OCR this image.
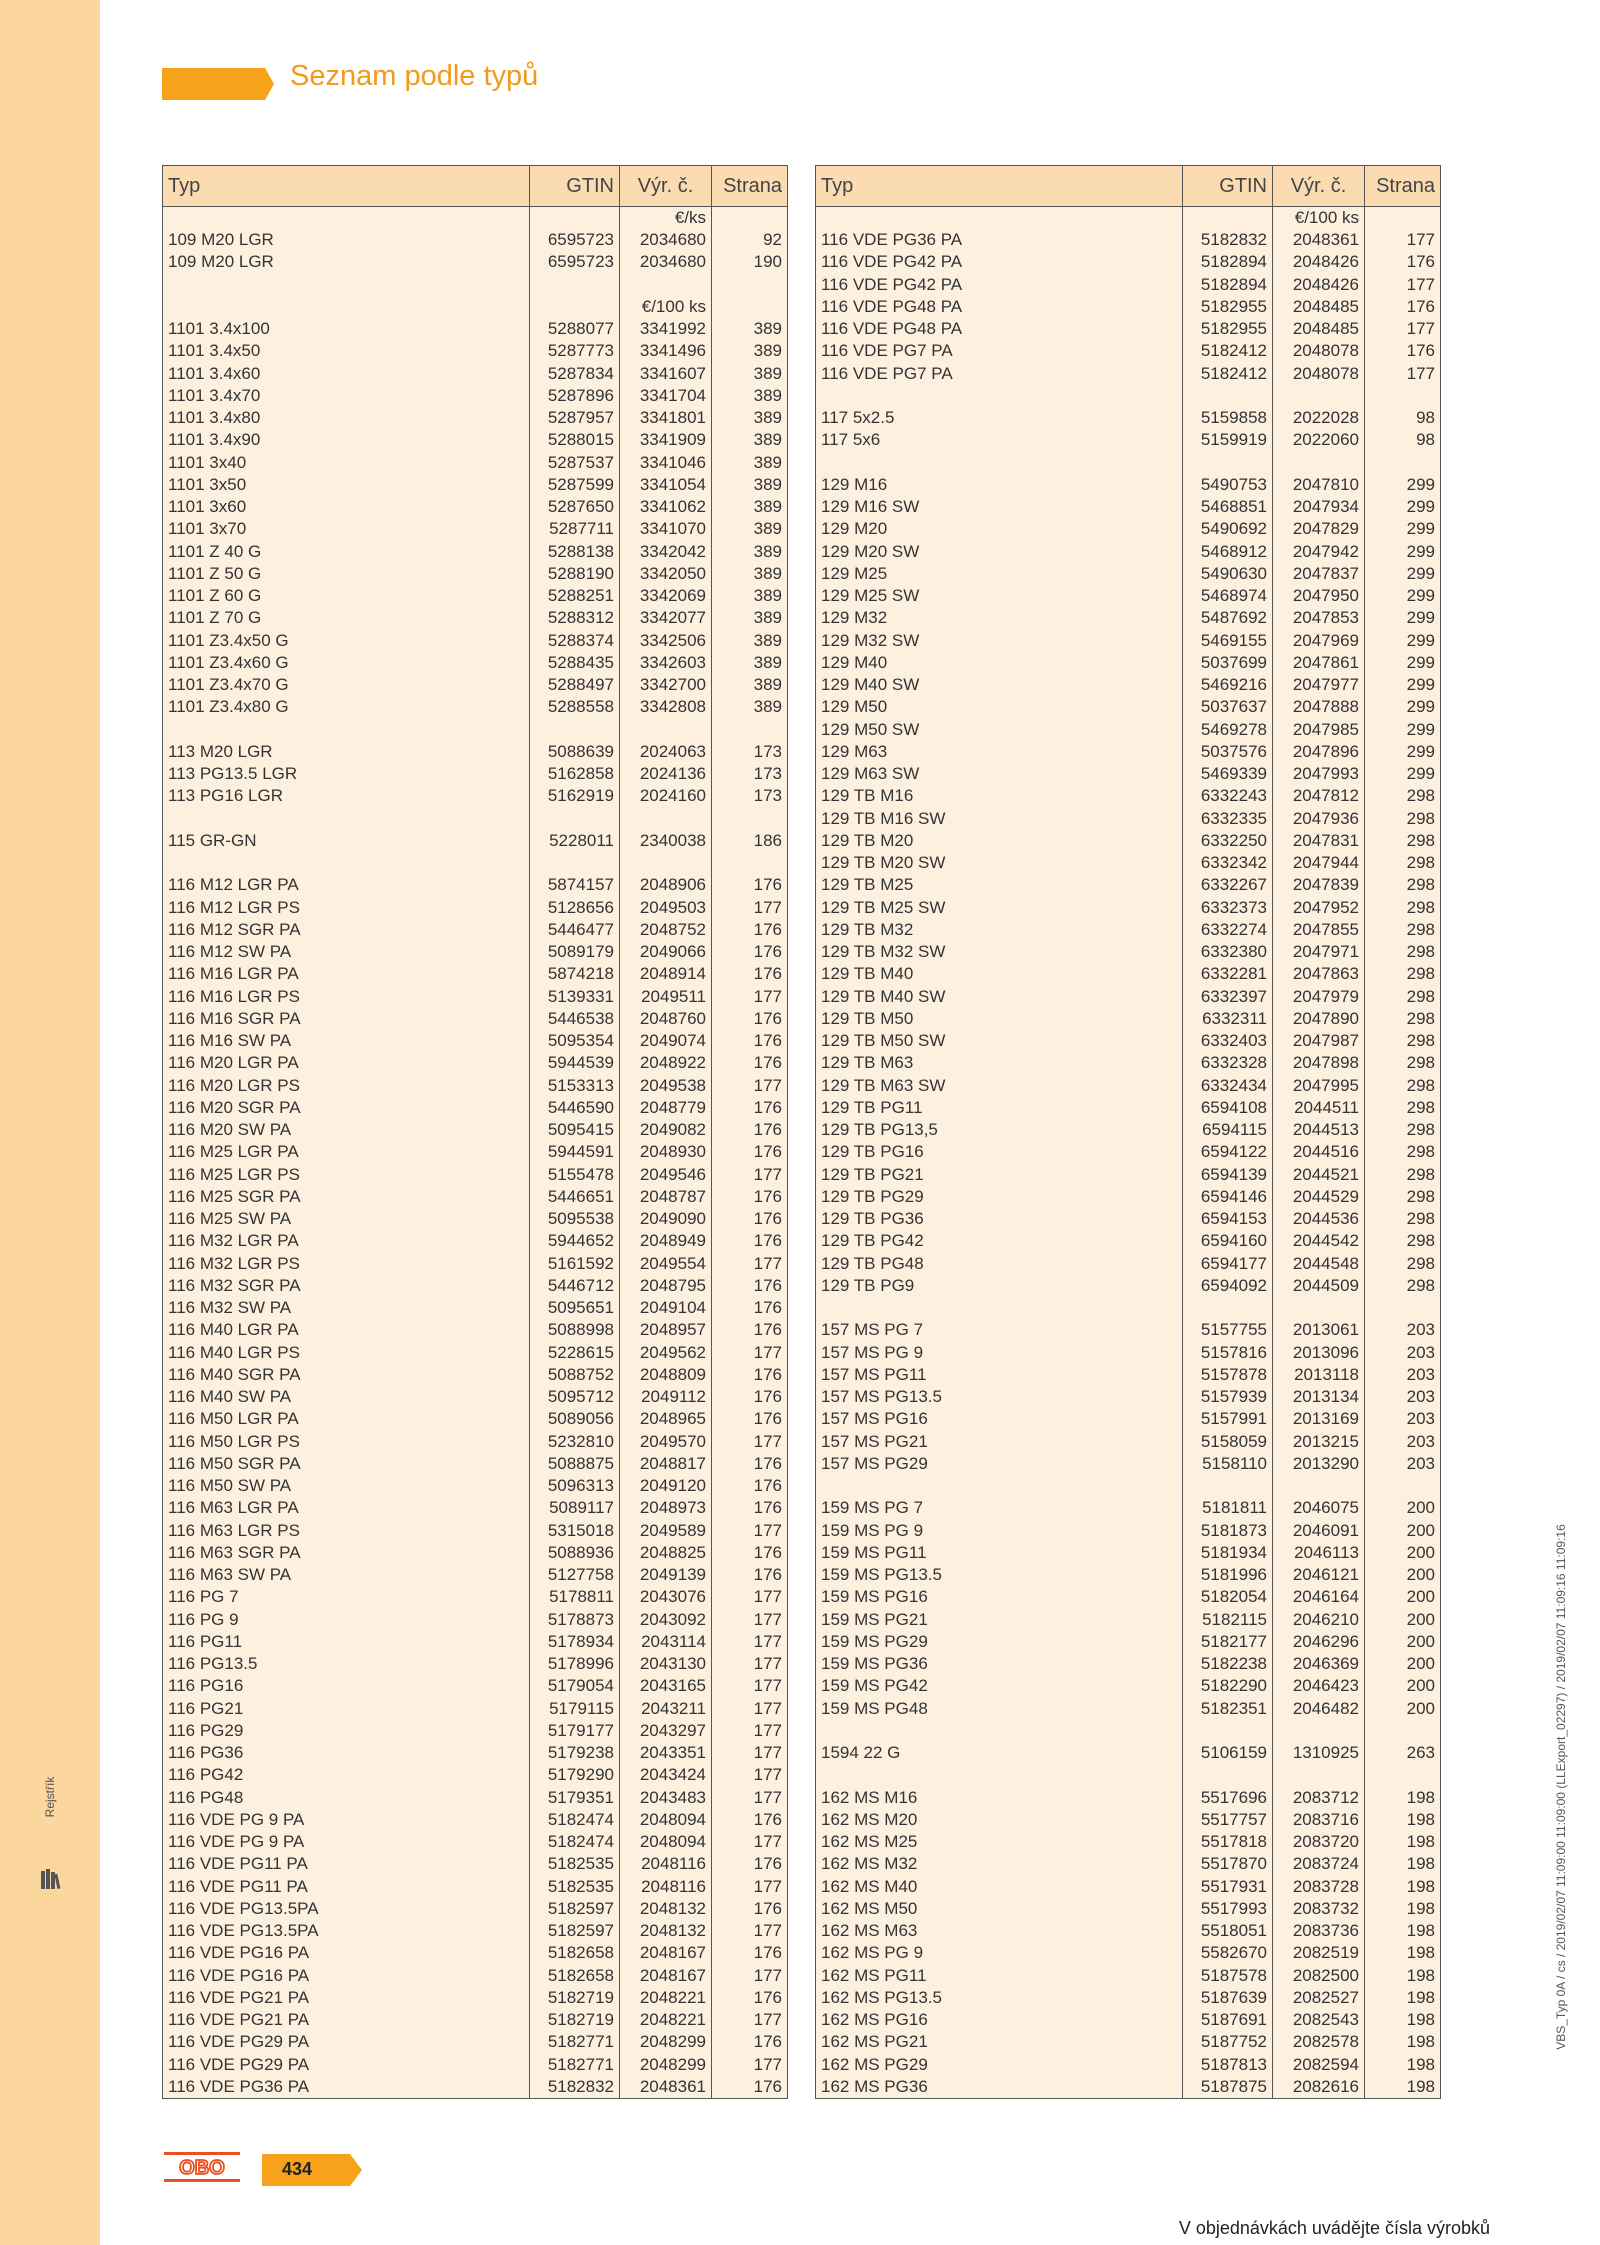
Rejstřík
Seznam podle typů
Typ	GTIN	Výr. č.	Strana
		€/ks	
109 M20 LGR	6595723	2034680	92
109 M20 LGR	6595723	2034680	190

		€/100 ks	
1101 3.4x100	5288077	3341992	389
1101 3.4x50	5287773	3341496	389
1101 3.4x60	5287834	3341607	389
1101 3.4x70	5287896	3341704	389
1101 3.4x80	5287957	3341801	389
1101 3.4x90	5288015	3341909	389
1101 3x40	5287537	3341046	389
1101 3x50	5287599	3341054	389
1101 3x60	5287650	3341062	389
1101 3x70	5287711	3341070	389
1101 Z 40 G	5288138	3342042	389
1101 Z 50 G	5288190	3342050	389
1101 Z 60 G	5288251	3342069	389
1101 Z 70 G	5288312	3342077	389
1101 Z3.4x50 G	5288374	3342506	389
1101 Z3.4x60 G	5288435	3342603	389
1101 Z3.4x70 G	5288497	3342700	389
1101 Z3.4x80 G	5288558	3342808	389

113 M20 LGR	5088639	2024063	173
113 PG13.5 LGR	5162858	2024136	173
113 PG16 LGR	5162919	2024160	173

115 GR-GN	5228011	2340038	186

116 M12 LGR PA	5874157	2048906	176
116 M12 LGR PS	5128656	2049503	177
116 M12 SGR PA	5446477	2048752	176
116 M12 SW PA	5089179	2049066	176
116 M16 LGR PA	5874218	2048914	176
116 M16 LGR PS	5139331	2049511	177
116 M16 SGR PA	5446538	2048760	176
116 M16 SW PA	5095354	2049074	176
116 M20 LGR PA	5944539	2048922	176
116 M20 LGR PS	5153313	2049538	177
116 M20 SGR PA	5446590	2048779	176
116 M20 SW PA	5095415	2049082	176
116 M25 LGR PA	5944591	2048930	176
116 M25 LGR PS	5155478	2049546	177
116 M25 SGR PA	5446651	2048787	176
116 M25 SW PA	5095538	2049090	176
116 M32 LGR PA	5944652	2048949	176
116 M32 LGR PS	5161592	2049554	177
116 M32 SGR PA	5446712	2048795	176
116 M32 SW PA	5095651	2049104	176
116 M40 LGR PA	5088998	2048957	176
116 M40 LGR PS	5228615	2049562	177
116 M40 SGR PA	5088752	2048809	176
116 M40 SW PA	5095712	2049112	176
116 M50 LGR PA	5089056	2048965	176
116 M50 LGR PS	5232810	2049570	177
116 M50 SGR PA	5088875	2048817	176
116 M50 SW PA	5096313	2049120	176
116 M63 LGR PA	5089117	2048973	176
116 M63 LGR PS	5315018	2049589	177
116 M63 SGR PA	5088936	2048825	176
116 M63 SW PA	5127758	2049139	176
116 PG 7	5178811	2043076	177
116 PG 9	5178873	2043092	177
116 PG11	5178934	2043114	177
116 PG13.5	5178996	2043130	177
116 PG16	5179054	2043165	177
116 PG21	5179115	2043211	177
116 PG29	5179177	2043297	177
116 PG36	5179238	2043351	177
116 PG42	5179290	2043424	177
116 PG48	5179351	2043483	177
116 VDE PG 9 PA	5182474	2048094	176
116 VDE PG 9 PA	5182474	2048094	177
116 VDE PG11 PA	5182535	2048116	176
116 VDE PG11 PA	5182535	2048116	177
116 VDE PG13.5PA	5182597	2048132	176
116 VDE PG13.5PA	5182597	2048132	177
116 VDE PG16 PA	5182658	2048167	176
116 VDE PG16 PA	5182658	2048167	177
116 VDE PG21 PA	5182719	2048221	176
116 VDE PG21 PA	5182719	2048221	177
116 VDE PG29 PA	5182771	2048299	176
116 VDE PG29 PA	5182771	2048299	177
116 VDE PG36 PA	5182832	2048361	176
Typ	GTIN	Výr. č.	Strana
		€/100 ks	
116 VDE PG36 PA	5182832	2048361	177
116 VDE PG42 PA	5182894	2048426	176
116 VDE PG42 PA	5182894	2048426	177
116 VDE PG48 PA	5182955	2048485	176
116 VDE PG48 PA	5182955	2048485	177
116 VDE PG7 PA	5182412	2048078	176
116 VDE PG7 PA	5182412	2048078	177

117 5x2.5	5159858	2022028	98
117 5x6	5159919	2022060	98

129 M16	5490753	2047810	299
129 M16 SW	5468851	2047934	299
129 M20	5490692	2047829	299
129 M20 SW	5468912	2047942	299
129 M25	5490630	2047837	299
129 M25 SW	5468974	2047950	299
129 M32	5487692	2047853	299
129 M32 SW	5469155	2047969	299
129 M40	5037699	2047861	299
129 M40 SW	5469216	2047977	299
129 M50	5037637	2047888	299
129 M50 SW	5469278	2047985	299
129 M63	5037576	2047896	299
129 M63 SW	5469339	2047993	299
129 TB M16	6332243	2047812	298
129 TB M16 SW	6332335	2047936	298
129 TB M20	6332250	2047831	298
129 TB M20 SW	6332342	2047944	298
129 TB M25	6332267	2047839	298
129 TB M25 SW	6332373	2047952	298
129 TB M32	6332274	2047855	298
129 TB M32 SW	6332380	2047971	298
129 TB M40	6332281	2047863	298
129 TB M40 SW	6332397	2047979	298
129 TB M50	6332311	2047890	298
129 TB M50 SW	6332403	2047987	298
129 TB M63	6332328	2047898	298
129 TB M63 SW	6332434	2047995	298
129 TB PG11	6594108	2044511	298
129 TB PG13,5	6594115	2044513	298
129 TB PG16	6594122	2044516	298
129 TB PG21	6594139	2044521	298
129 TB PG29	6594146	2044529	298
129 TB PG36	6594153	2044536	298
129 TB PG42	6594160	2044542	298
129 TB PG48	6594177	2044548	298
129 TB PG9	6594092	2044509	298

157 MS PG 7	5157755	2013061	203
157 MS PG 9	5157816	2013096	203
157 MS PG11	5157878	2013118	203
157 MS PG13.5	5157939	2013134	203
157 MS PG16	5157991	2013169	203
157 MS PG21	5158059	2013215	203
157 MS PG29	5158110	2013290	203

159 MS PG 7	5181811	2046075	200
159 MS PG 9	5181873	2046091	200
159 MS PG11	5181934	2046113	200
159 MS PG13.5	5181996	2046121	200
159 MS PG16	5182054	2046164	200
159 MS PG21	5182115	2046210	200
159 MS PG29	5182177	2046296	200
159 MS PG36	5182238	2046369	200
159 MS PG42	5182290	2046423	200
159 MS PG48	5182351	2046482	200

1594 22 G	5106159	1310925	263

162 MS M16	5517696	2083712	198
162 MS M20	5517757	2083716	198
162 MS M25	5517818	2083720	198
162 MS M32	5517870	2083724	198
162 MS M40	5517931	2083728	198
162 MS M50	5517993	2083732	198
162 MS M63	5518051	2083736	198
162 MS PG 9	5582670	2082519	198
162 MS PG11	5187578	2082500	198
162 MS PG13.5	5187639	2082527	198
162 MS PG16	5187691	2082543	198
162 MS PG21	5187752	2082578	198
162 MS PG29	5187813	2082594	198
162 MS PG36	5187875	2082616	198
OBO	434
V objednávkách uvádějte čísla výrobků
VBS_Typ 0A / cs / 2019/02/07 11:09:00 11:09:00 (LLExport_02297) / 2019/02/07 11:09:16 11:09:16
